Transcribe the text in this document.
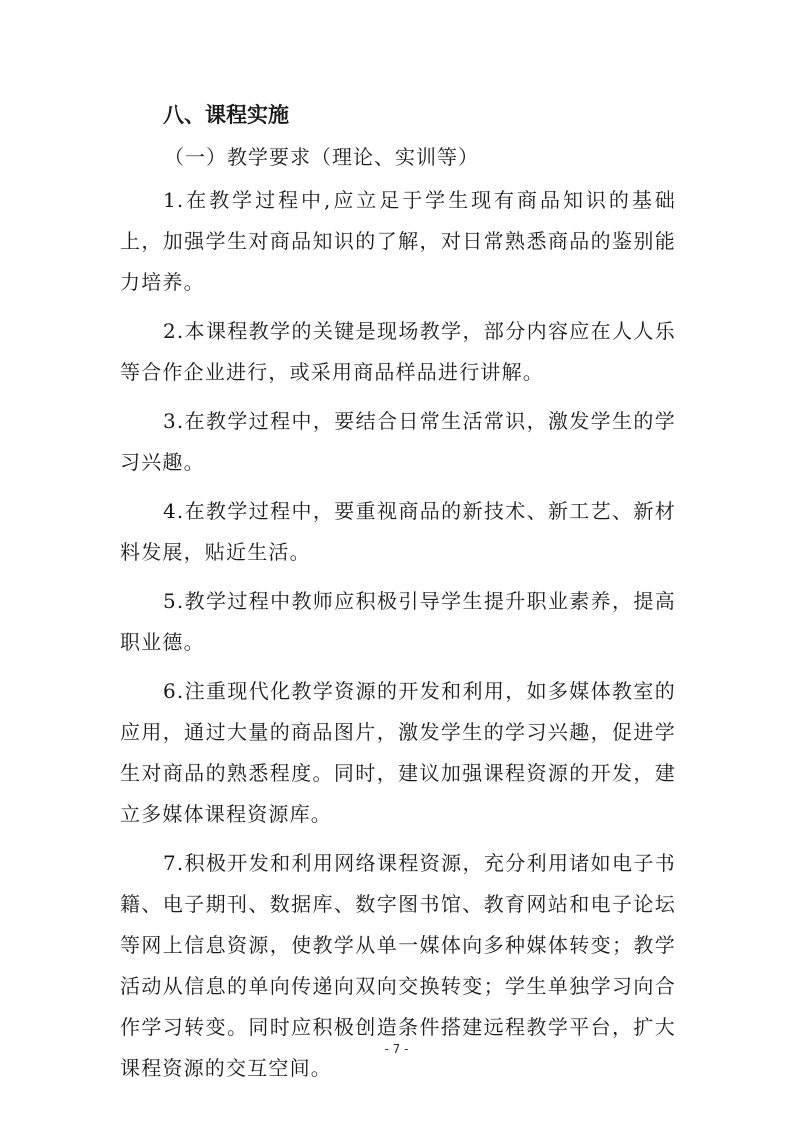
八、课程实施

（一）教学要求（理论、实训等）

1.在教学过程中,应立足于学生现有商品知识的基础上，加强学生对商品知识的了解，对日常熟悉商品的鉴别能力培养。

2.本课程教学的关键是现场教学，部分内容应在人人乐等合作企业进行，或采用商品样品进行讲解。

3.在教学过程中，要结合日常生活常识，激发学生的学习兴趣。

4.在教学过程中，要重视商品的新技术、新工艺、新材料发展，贴近生活。

5.教学过程中教师应积极引导学生提升职业素养，提高职业德。

6.注重现代化教学资源的开发和利用，如多媒体教室的应用，通过大量的商品图片，激发学生的学习兴趣，促进学生对商品的熟悉程度。同时，建议加强课程资源的开发，建立多媒体课程资源库。

7.积极开发和利用网络课程资源，充分利用诸如电子书籍、电子期刊、数据库、数字图书馆、教育网站和电子论坛等网上信息资源，使教学从单一媒体向多种媒体转变；教学活动从信息的单向传递向双向交换转变；学生单独学习向合作学习转变。同时应积极创造条件搭建远程教学平台，扩大课程资源的交互空间。

- 7 -
